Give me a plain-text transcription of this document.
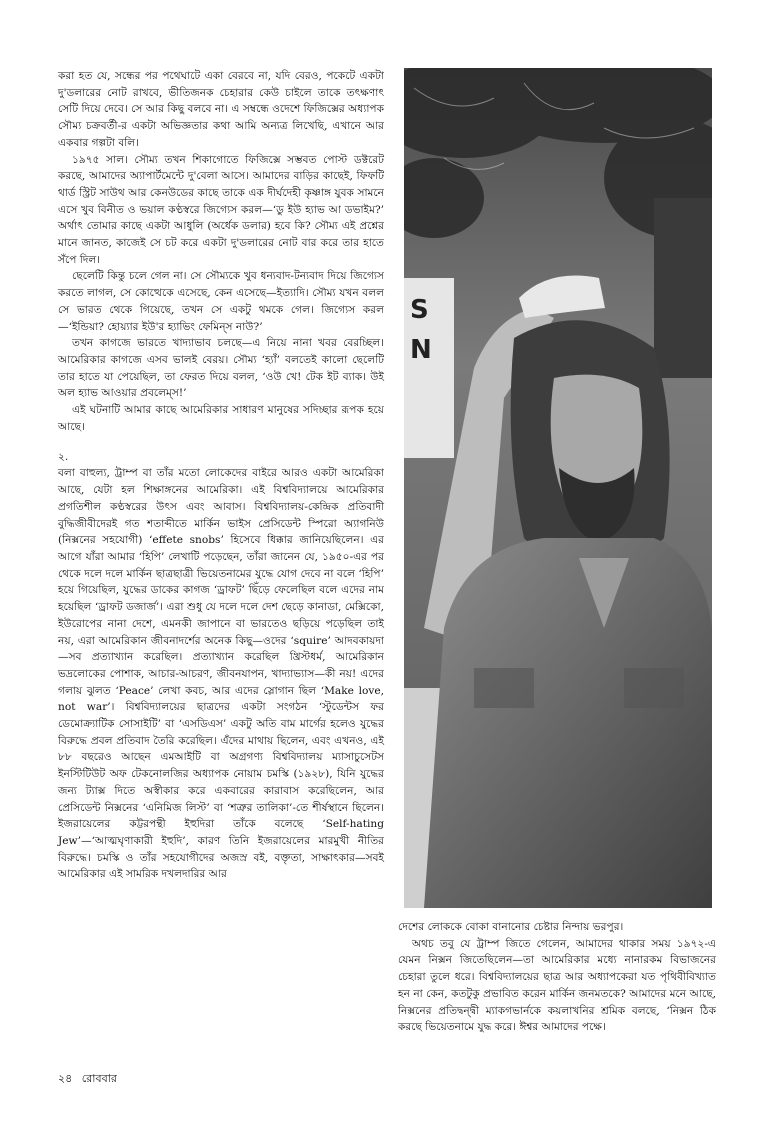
করা হত যে, সন্ধের পর পথেঘাটে একা বেরবে না, যদি বেরও, পকেটে একটা দু'ডলারের নোট রাখবে, ভীতিজনক চেহারার কেউ চাইলে তাকে তৎক্ষণাৎ সেটি দিয়ে দেবে। সে আর কিছু বলবে না। এ সম্বন্ধে ওদেশে ফিজিক্সের অধ্যাপক সৌম্য চক্রবর্তী-র একটা অভিজ্ঞতার কথা আমি অন্যত্র লিখেছি, এখানে আর একবার গল্পটা বলি।

১৯৭৫ সাল। সৌম্য তখন শিকাগোতে ফিজিক্সে সম্ভবত পোস্ট ডক্টরেট করছে, আমাদের অ্যাপার্টমেন্টে দু'বেলা আসে। আমাদের বাড়ির কাছেই, ফিফটি থার্ড স্ট্রিট সাউথ আর কেনউডের কাছে তাকে এক দীর্ঘদেহী কৃষ্ণাঙ্গ যুবক সামনে এসে খুব বিনীত ও ভয়াল কণ্ঠস্বরে জিগ্যেস করল—‘ডু ইউ হ্যাভ আ ডভাইম?’ অর্থাৎ তোমার কাছে একটা আধুলি (অর্ধেক ডলার) হবে কি? সৌম্য এই প্রশ্নের মানে জানত, কাজেই সে চট করে একটা দু'ডলারের নোট বার করে তার হাতে সঁপে দিল।

ছেলেটি কিন্তু চলে গেল না। সে সৌম্যকে খুব ধন্যবাদ-টন্যবাদ দিয়ে জিগ্যেস করতে লাগল, সে কোত্থেকে এসেছে, কেন এসেছে—ইত্যাদি। সৌম্য যখন বলল সে ভারত থেকে গিয়েছে, তখন সে একটু থমকে গেল। জিগ্যেস করল—‘ইন্ডিয়া? হোয়্যার ইউ'র হ্যাভিং ফেমিন্‌স নাউ?’

তখন কাগজে ভারতে খাদ্যাভাব চলছে—এ নিয়ে নানা খবর বেরচ্ছিল। আমেরিকার কাগজে এসব ভালই বেরয়। সৌম্য ‘হ্যাঁ’ বলতেই কালো ছেলেটি তার হাতে যা পেয়েছিল, তা ফেরত দিয়ে বলল, ‘ওউ খে! টেক ইট ব্যাক। উই অল হ্যাভ আওয়ার প্রবলেম্‌স!’

এই ঘটনাটি আমার কাছে আমেরিকার সাধারণ মানুষের সদিচ্ছার রূপক হয়ে আছে।

২.

বলা বাহুল্য, ট্রাম্প বা তাঁর মতো লোকেদের বাইরে আরও একটা আমেরিকা আছে, যেটা হল শিক্ষাঙ্গনের আমেরিকা। এই বিশ্ববিদ্যালয়ে আমেরিকার প্রগতিশীল কণ্ঠস্বরের উৎস এবং আবাস। বিশ্ববিদ্যালয়-কেন্দ্রিক প্রতিবাদী বুদ্ধিজীবীদেরই গত শতাব্দীতে মার্কিন ভাইস প্রেসিডেন্ট স্পিরো অ্যাগনিউ (নিক্সনের সহযোগী) ‘effete snobs’ হিসেবে ধিক্কার জানিয়েছিলেন। এর আগে যাঁরা আমার ‘হিপি’ লেখাটি পড়েছেন, তাঁরা জানেন যে, ১৯৫০-এর পর থেকে দলে দলে মার্কিন ছাত্রছাত্রী ভিয়েতনামের যুদ্ধে যোগ দেবে না বলে ‘হিপি’ হয়ে গিয়েছিল, যুদ্ধের ডাকের কাগজ ‘ড্রাফট’ ছিঁড়ে ফেলেছিল বলে এদের নাম হয়েছিল ‘ড্রাফট ডজার্জ’। এরা শুধু যে দলে দলে দেশ ছেড়ে কানাডা, মেক্সিকো, ইউরোপের নানা দেশে, এমনকী জাপানে বা ভারতেও ছড়িয়ে পড়েছিল তাই নয়, এরা আমেরিকান জীবনাদর্শের অনেক কিছু—ওদের ‘squire’ আদবকায়দা—সব প্রত্যাখ্যান করেছিল। প্রত্যাখ্যান করেছিল খ্রিস্টধর্ম, আমেরিকান ভদ্রলোকের পোশাক, আচার-আচরণ, জীবনযাপন, খাদ্যাভ্যাস—কী নয়! এদের গলায় ঝুলত ‘Peace’ লেখা কবচ, আর এদের স্লোগান ছিল ‘Make love, not war’। বিশ্ববিদ্যালয়ের ছাত্রদের একটা সংগঠন ‘স্টুডেন্টস ফর ডেমোক্র্যাটিক সোসাইটি’ বা ‘এসডিএস’ একটু অতি বাম মার্গের হলেও যুদ্ধের বিরুদ্ধে প্রবল প্রতিবাদ তৈরি করেছিল। এঁদের মাথায় ছিলেন, এবং এখনও, এই ৮৮ বছরেও আছেন এমআইটি বা অগ্রগণ্য বিশ্ববিদ্যালয় ম্যাসাচুসেটস ইনস্টিটিউট অফ টেকনোলজির অধ্যাপক নোয়াম চমস্কি (১৯২৮), যিনি যুদ্ধের জন্য ট্যাক্স দিতে অস্বীকার করে একবারের কারাবাস করেছিলেন, আর প্রেসিডেন্ট নিক্সনের ‘এনিমিজ লিস্ট’ বা ‘শত্রুর তালিকা’-তে শীর্ষস্থানে ছিলেন। ইজরায়েলের কট্টরপন্থী ইহুদিরা তাঁকে বলেছে ‘Self-hating Jew’—‘আত্মঘৃণাকারী ইহুদি’, কারণ তিনি ইজরায়েলের মারমুখী নীতির বিরুদ্ধে। চমস্কি ও তাঁর সহযোগীদের অজস্র বই, বক্তৃতা, সাক্ষাৎকার—সবই আমেরিকার এই সামরিক দখলদারির আর

S
N

দেশের লোককে বোকা বানানোর চেষ্টার নিন্দায় ভরপুর।

অথচ তবু যে ট্রাম্প জিতে গেলেন, আমাদের থাকার সময় ১৯৭২-এ যেমন নিক্সন জিতেছিলেন—তা আমেরিকার মধ্যে নানারকম বিভাজনের চেহারা তুলে ধরে। বিশ্ববিদ্যালয়ের ছাত্র আর অধ্যাপকেরা যত পৃথিবীবিখ্যাত হন না কেন, কতটুকু প্রভাবিত করেন মার্কিন জনমতকে? আমাদের মনে আছে, নিক্সনের প্রতিদ্বন্দ্বী ম্যাকগভার্নকে কয়লাখনির শ্রমিক বলছে, ‘নিক্সন ঠিক করছে ভিয়েতনামে যুদ্ধ করে। ঈশ্বর আমাদের পক্ষে।

২৪ রোববার
